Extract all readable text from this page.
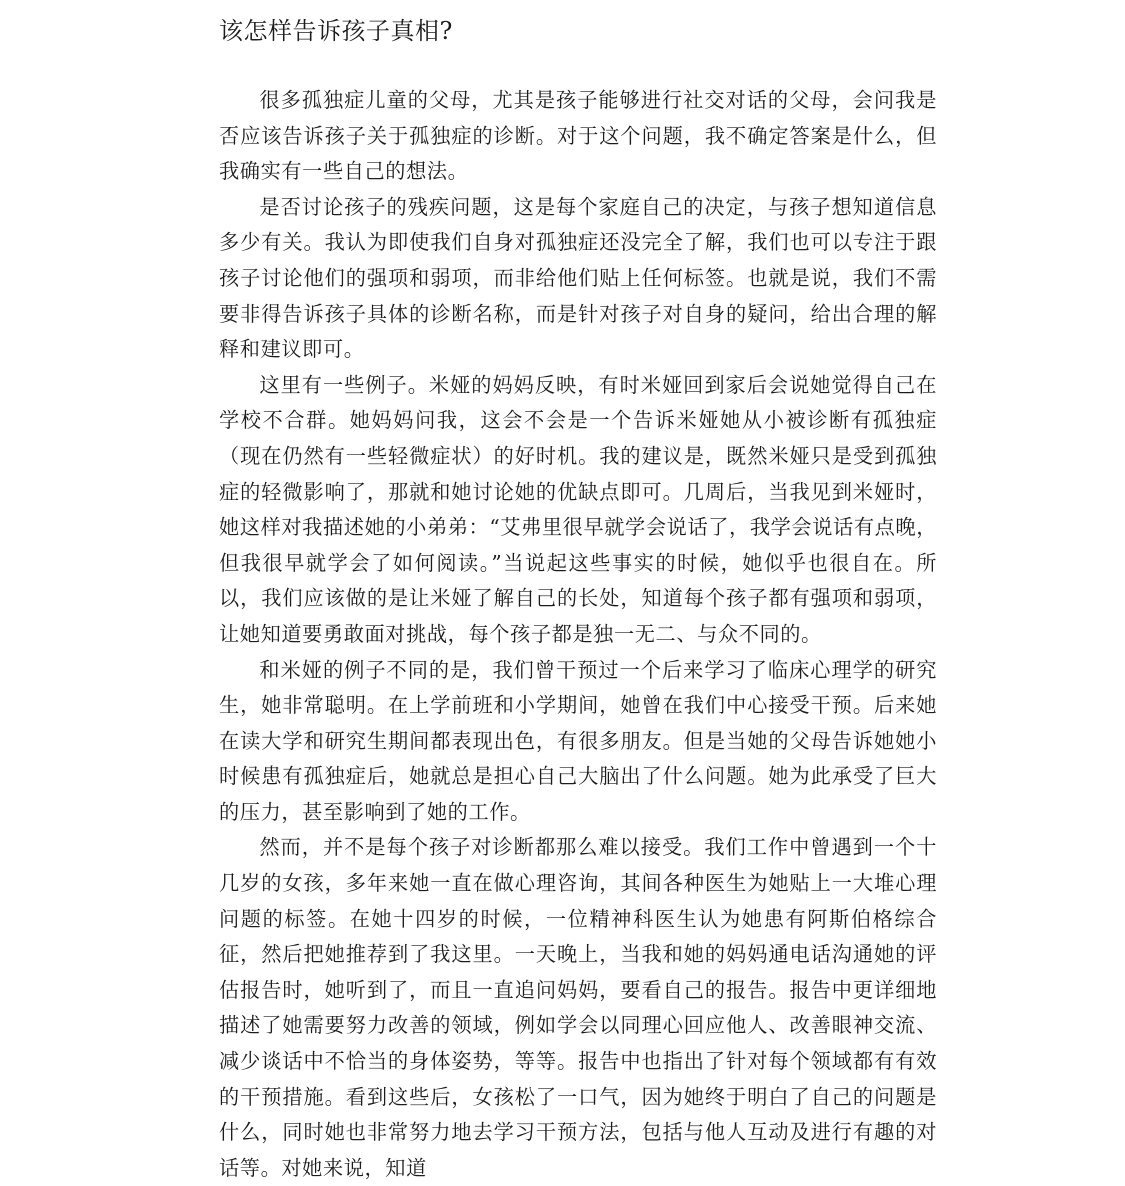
该怎样告诉孩子真相?

很多孤独症儿童的父母，尤其是孩子能够进行社交对话的父母，会问我是否应该告诉孩子关于孤独症的诊断。对于这个问题，我不确定答案是什么，但我确实有一些自己的想法。

是否讨论孩子的残疾问题，这是每个家庭自己的决定，与孩子想知道信息多少有关。我认为即使我们自身对孤独症还没完全了解，我们也可以专注于跟孩子讨论他们的强项和弱项，而非给他们贴上任何标签。也就是说，我们不需要非得告诉孩子具体的诊断名称，而是针对孩子对自身的疑问，给出合理的解释和建议即可。

这里有一些例子。米娅的妈妈反映，有时米娅回到家后会说她觉得自己在学校不合群。她妈妈问我，这会不会是一个告诉米娅她从小被诊断有孤独症（现在仍然有一些轻微症状）的好时机。我的建议是，既然米娅只是受到孤独症的轻微影响了，那就和她讨论她的优缺点即可。几周后，当我见到米娅时，她这样对我描述她的小弟弟：“艾弗里很早就学会说话了，我学会说话有点晚，但我很早就学会了如何阅读。”当说起这些事实的时候，她似乎也很自在。所以，我们应该做的是让米娅了解自己的长处，知道每个孩子都有强项和弱项，让她知道要勇敢面对挑战，每个孩子都是独一无二、与众不同的。

和米娅的例子不同的是，我们曾干预过一个后来学习了临床心理学的研究生，她非常聪明。在上学前班和小学期间，她曾在我们中心接受干预。后来她在读大学和研究生期间都表现出色，有很多朋友。但是当她的父母告诉她她小时候患有孤独症后，她就总是担心自己大脑出了什么问题。她为此承受了巨大的压力，甚至影响到了她的工作。

然而，并不是每个孩子对诊断都那么难以接受。我们工作中曾遇到一个十几岁的女孩，多年来她一直在做心理咨询，其间各种医生为她贴上一大堆心理问题的标签。在她十四岁的时候，一位精神科医生认为她患有阿斯伯格综合征，然后把她推荐到了我这里。一天晚上，当我和她的妈妈通电话沟通她的评估报告时，她听到了，而且一直追问妈妈，要看自己的报告。报告中更详细地描述了她需要努力改善的领域，例如学会以同理心回应他人、改善眼神交流、减少谈话中不恰当的身体姿势，等等。报告中也指出了针对每个领域都有有效的干预措施。看到这些后，女孩松了一口气，因为她终于明白了自己的问题是什么，同时她也非常努力地去学习干预方法，包括与他人互动及进行有趣的对话等。对她来说，知道
